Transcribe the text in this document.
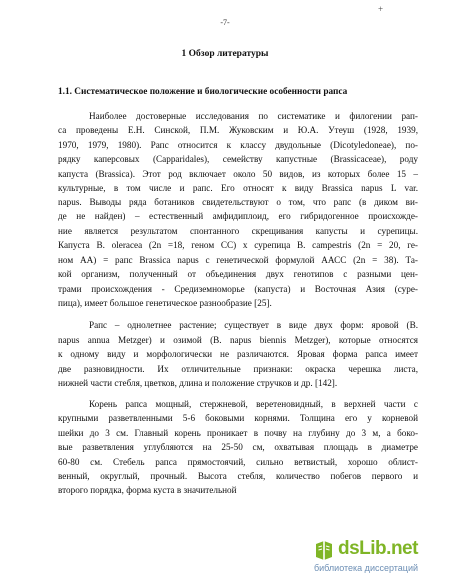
-7-
+
1 Обзор литературы
1.1. Систематическое положение и биологические особенности рапса
Наиболее достоверные исследования по систематике и филогении рап-
са проведены Е.Н. Синской, П.М. Жуковским и Ю.А. Утеуш (1928, 1939,
1970, 1979, 1980). Рапс относится к классу двудольные (Dicotyledoneae), по-
рядку каперсовых (Capparidales), семейству капустные (Brassicaceae), роду
капуста (Brassica). Этот род включает около 50 видов, из которых более 15 –
культурные, в том числе и рапс. Его относят к виду Brassica napus L var.
napus. Выводы ряда ботаников свидетельствуют о том, что рапс (в диком ви-
де не найден) – естественный амфидиплоид, его гибридогенное происхожде-
ние является результатом спонтанного скрещивания капусты и сурепицы.
Капуста B. oleracea (2n =18, геном СС) х сурепица B. campestris (2n = 20, ге-
ном АА) = рапс Brassica napus с генетической формулой ААСС (2n = 38). Та-
кой организм, полученный от объединения двух генотипов с разными цен-
трами происхождения - Средиземноморье (капуста) и Восточная Азия (сурe-
пица), имеет большое генетическое разнообразие [25].
Рапс – однолетнее растение; существует в виде двух форм: яровой (B.
napus annua Metzger) и озимой (B. napus biennis Metzger), которые относятся
к одному виду и морфологически не различаются. Яровая форма рапса имеет
две разновидности. Их отличительные признаки: окраска черешка листа,
нижней части стебля, цветков, длина и положение стручков и др. [142].
Корень рапса мощный, стержневой, веретеновидный, в верхней части с
крупными разветвленными 5-6 боковыми корнями. Толщина его у корневой
шейки до 3 см. Главный корень проникает в почву на глубину до 3 м, а боко-
вые разветвления углубляются на 25-50 см, охватывая площадь в диаметре
60-80 см. Стебель рапса прямостоячий, сильно ветвистый, хорошо облист-
венный, округлый, прочный. Высота стебля, количество побегов первого и
второго порядка, форма куста в значительной
dsLib.net
библиотека диссертаций
